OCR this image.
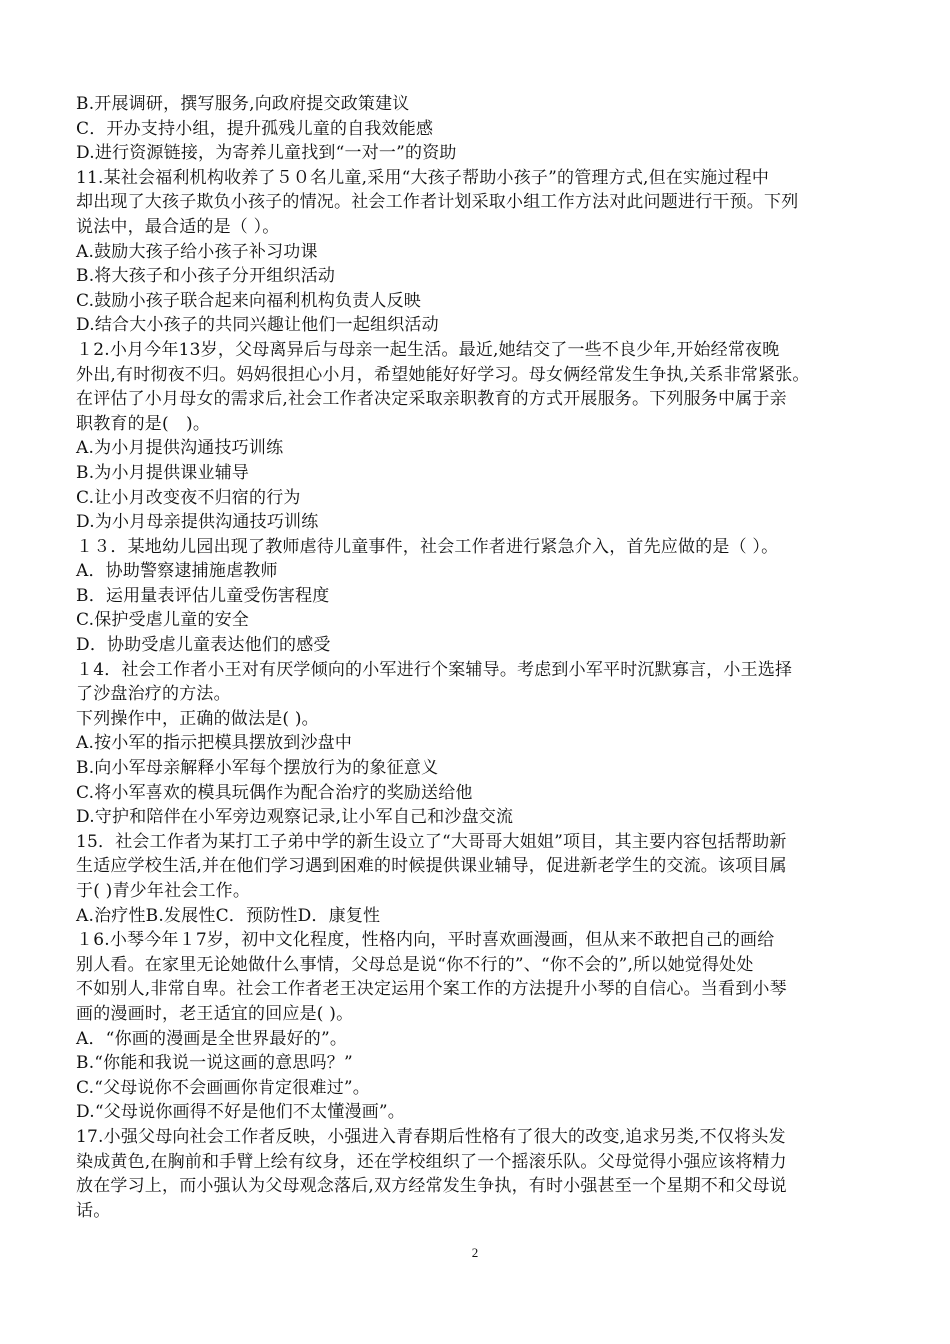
B.开展调研，撰写服务,向政府提交政策建议
C．开办支持小组，提升孤残儿童的自我效能感
D.进行资源链接，为寄养儿童找到“一对一”的资助
11.某社会福利机构收养了５０名儿童,采用“大孩子帮助小孩子”的管理方式,但在实施过程中
却出现了大孩子欺负小孩子的情况。社会工作者计划采取小组工作方法对此问题进行干预。下列
说法中，最合适的是（ ）。
A.鼓励大孩子给小孩子补习功课
B.将大孩子和小孩子分开组织活动
C.鼓励小孩子联合起来向福利机构负责人反映
D.结合大小孩子的共同兴趣让他们一起组织活动
１2.小月今年13岁，父母离异后与母亲一起生活。最近,她结交了一些不良少年,开始经常夜晚
外出,有时彻夜不归。妈妈很担心小月，希望她能好好学习。母女俩经常发生争执,关系非常紧张。
在评估了小月母女的需求后,社会工作者决定采取亲职教育的方式开展服务。下列服务中属于亲
职教育的是(　)。
A.为小月提供沟通技巧训练
B.为小月提供课业辅导
C.让小月改变夜不归宿的行为
D.为小月母亲提供沟通技巧训练
１３．某地幼儿园出现了教师虐待儿童事件，社会工作者进行紧急介入，首先应做的是（ ）。
A．协助警察逮捕施虐教师
B．运用量表评估儿童受伤害程度
C.保护受虐儿童的安全
D．协助受虐儿童表达他们的感受
１4．社会工作者小王对有厌学倾向的小军进行个案辅导。考虑到小军平时沉默寡言，小王选择
了沙盘治疗的方法。
下列操作中，正确的做法是( )。
A.按小军的指示把模具摆放到沙盘中
B.向小军母亲解释小军每个摆放行为的象征意义
C.将小军喜欢的模具玩偶作为配合治疗的奖励送给他
D.守护和陪伴在小军旁边观察记录,让小军自己和沙盘交流
15．社会工作者为某打工子弟中学的新生设立了“大哥哥大姐姐”项目，其主要内容包括帮助新
生适应学校生活,并在他们学习遇到困难的时候提供课业辅导，促进新老学生的交流。该项目属
于( )青少年社会工作。
A.治疗性B.发展性C．预防性D．康复性
１6.小琴今年１7岁，初中文化程度，性格内向，平时喜欢画漫画，但从来不敢把自己的画给
别人看。在家里无论她做什么事情，父母总是说“你不行的”、“你不会的”,所以她觉得处处
不如别人,非常自卑。社会工作者老王决定运用个案工作的方法提升小琴的自信心。当看到小琴
画的漫画时，老王适宜的回应是( )。
A．“你画的漫画是全世界最好的”。
B.“你能和我说一说这画的意思吗？”
C.“父母说你不会画画你肯定很难过”。
D.“父母说你画得不好是他们不太懂漫画”。
17.小强父母向社会工作者反映，小强进入青春期后性格有了很大的改变,追求另类,不仅将头发
染成黄色,在胸前和手臂上绘有纹身，还在学校组织了一个摇滚乐队。父母觉得小强应该将精力
放在学习上，而小强认为父母观念落后,双方经常发生争执，有时小强甚至一个星期不和父母说
话。
2
